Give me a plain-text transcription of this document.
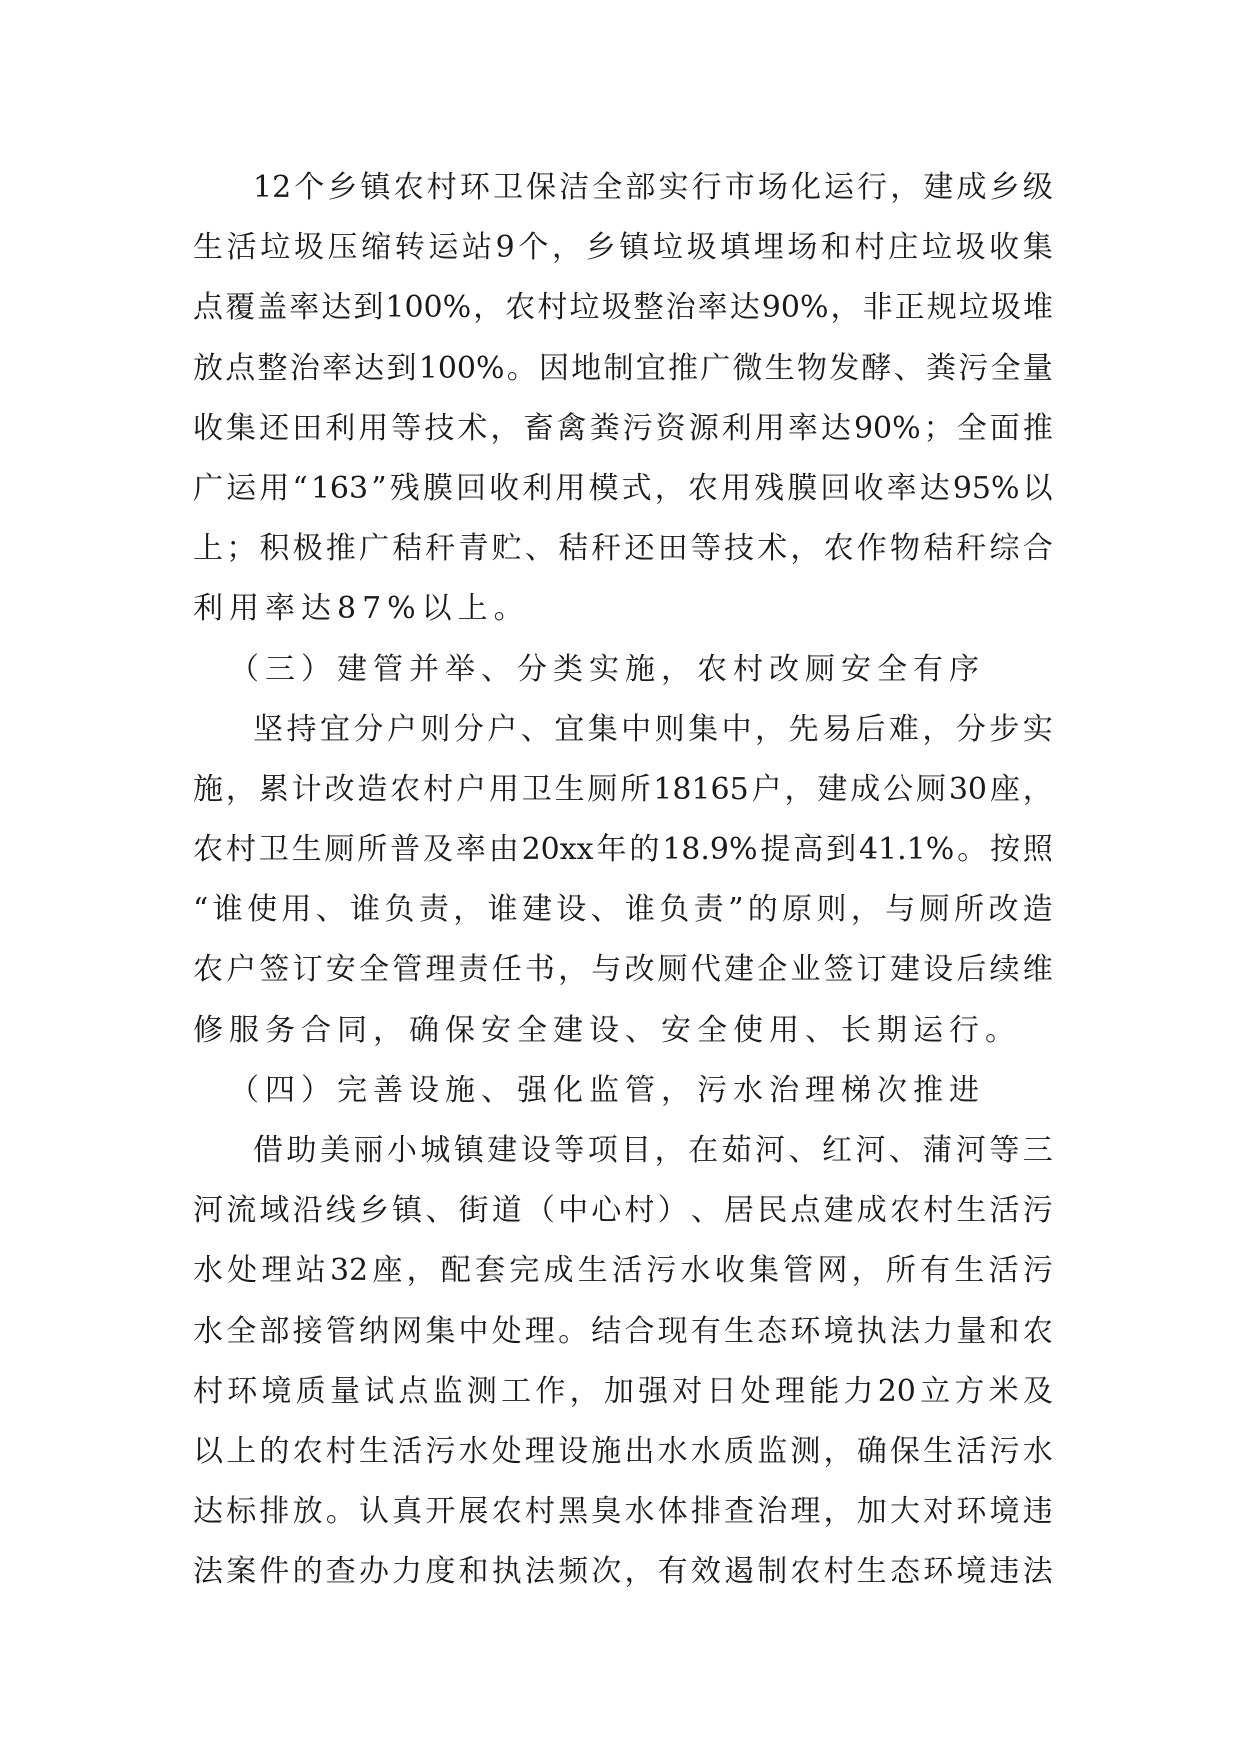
12 个 乡 镇 农 村 环 卫 保 洁 全 部 实 行 市 场 化 运 行 ， 建 成 乡 级
生 活 垃 圾 压 缩 转 运 站 9 个 ， 乡 镇 垃 圾 填 埋 场 和 村 庄 垃 圾 收 集
点 覆 盖 率 达 到 100% ， 农 村 垃 圾 整 治 率 达 90% ， 非 正 规 垃 圾 堆
放 点 整 治 率 达 到 100% 。 因 地 制 宜 推 广 微 生 物 发 酵 、 粪 污 全 量
收 集 还 田 利 用 等 技 术 ， 畜 禽 粪 污 资 源 利 用 率 达 90% ； 全 面 推
广 运 用 “ 163 ” 残 膜 回 收 利 用 模 式 ， 农 用 残 膜 回 收 率 达 95% 以
上 ； 积 极 推 广 秸 秆 青 贮 、 秸 秆 还 田 等 技 术 ， 农 作 物 秸 秆 综 合
利用率达87%以上。
（三）建管并举、分类实施，农村改厕安全有序
坚 持 宜 分 户 则 分 户 、 宜 集 中 则 集 中 ， 先 易 后 难 ， 分 步 实
施 ， 累 计 改 造 农 村 户 用 卫 生 厕 所 18165 户 ， 建 成 公 厕 30 座 ，
农 村 卫 生 厕 所 普 及 率 由 20xx 年 的 18.9% 提 高 到 41.1% 。 按 照
“ 谁 使 用 、 谁 负 责 ， 谁 建 设 、 谁 负 责 ” 的 原 则 ， 与 厕 所 改 造
农 户 签 订 安 全 管 理 责 任 书 ， 与 改 厕 代 建 企 业 签 订 建 设 后 续 维
修服务合同，确保安全建设、安全使用、长期运行。
（四）完善设施、强化监管，污水治理梯次推进
借 助 美 丽 小 城 镇 建 设 等 项 目 ， 在 茹 河 、 红 河 、 蒲 河 等 三
河 流 域 沿 线 乡 镇 、 街 道 （ 中 心 村 ） 、 居 民 点 建 成 农 村 生 活 污
水 处 理 站 32 座 ， 配 套 完 成 生 活 污 水 收 集 管 网 ， 所 有 生 活 污
水 全 部 接 管 纳 网 集 中 处 理 。 结 合 现 有 生 态 环 境 执 法 力 量 和 农
村 环 境 质 量 试 点 监 测 工 作 ， 加 强 对 日 处 理 能 力 20 立 方 米 及
以 上 的 农 村 生 活 污 水 处 理 设 施 出 水 水 质 监 测 ， 确 保 生 活 污 水
达 标 排 放 。 认 真 开 展 农 村 黑 臭 水 体 排 查 治 理 ， 加 大 对 环 境 违
法 案 件 的 查 办 力 度 和 执 法 频 次 ， 有 效 遏 制 农 村 生 态 环 境 违 法
